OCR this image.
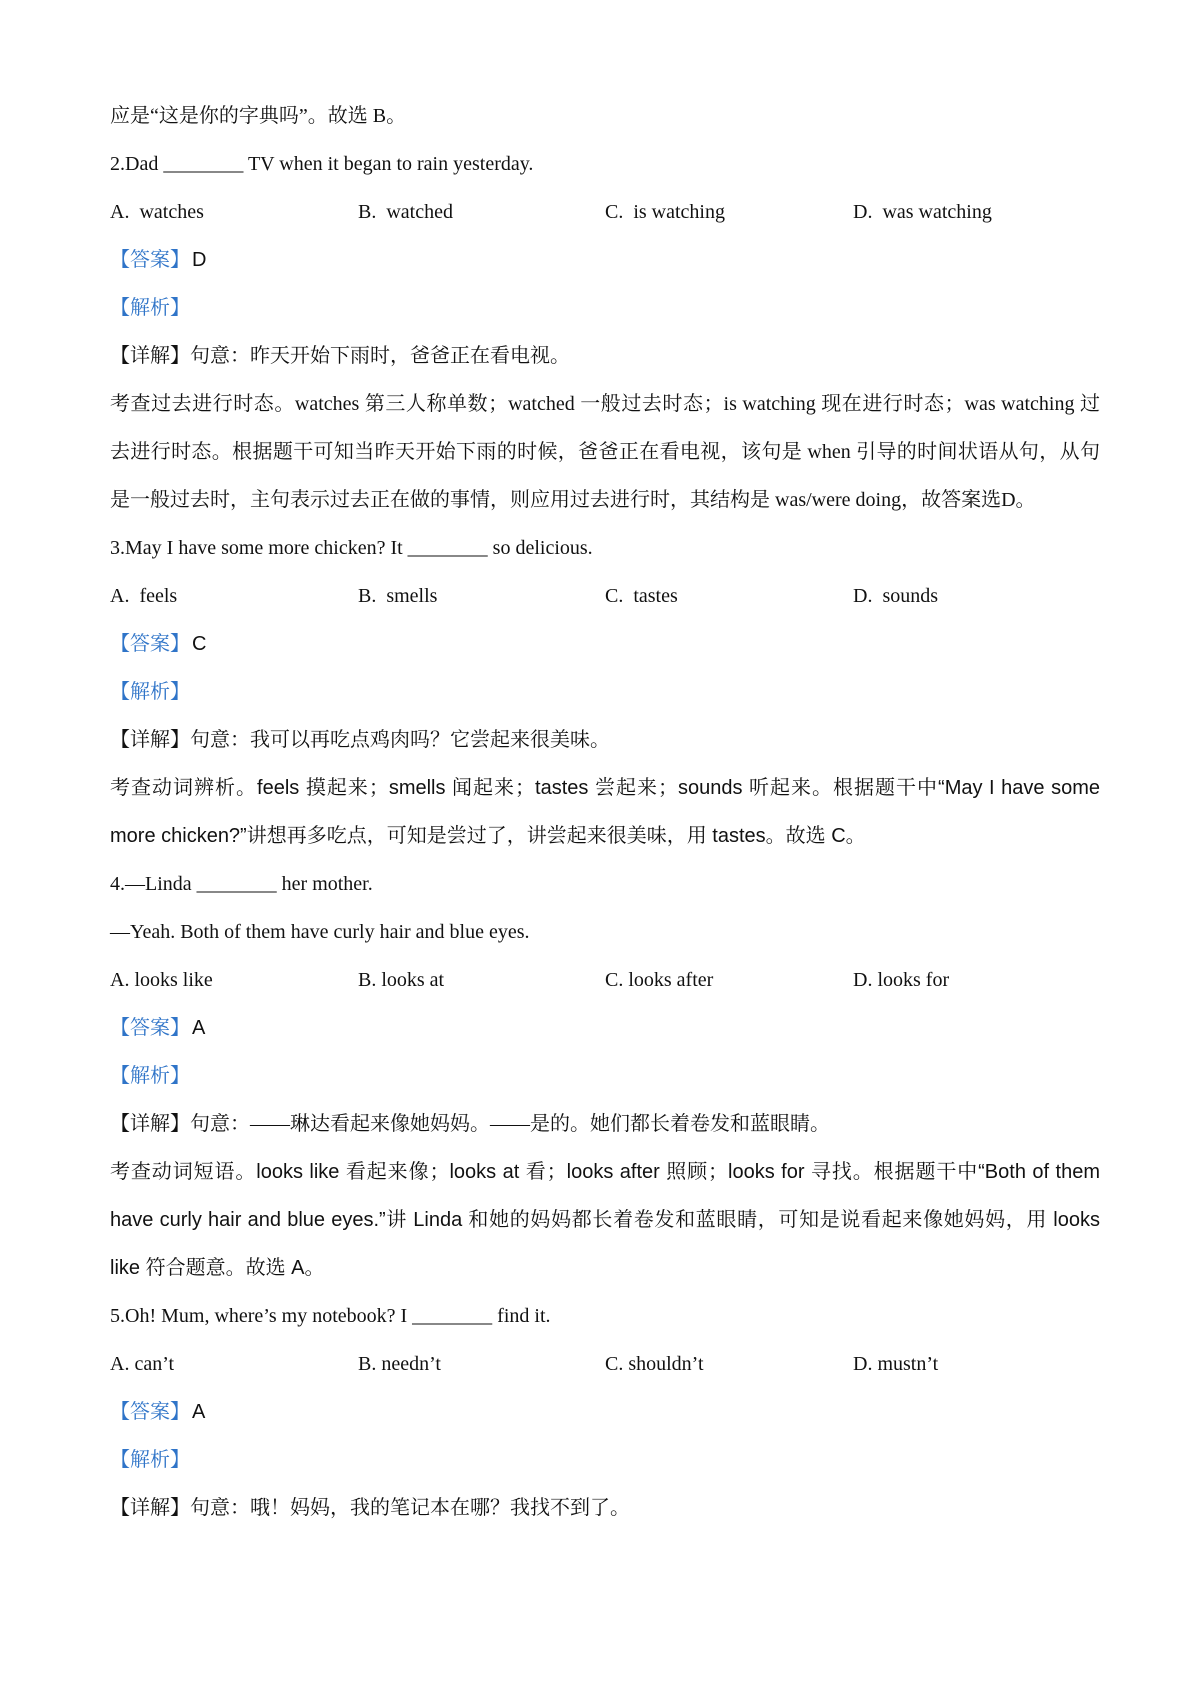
应是“这是你的字典吗”。故选 B。
2.Dad ________ TV when it began to rain yesterday.
A.  watches	B.  watched	C.  is watching	D.  was watching
【答案】 D
【解析】
【详解】句意：昨天开始下雨时，爸爸正在看电视。
考查过去进行时态。watches 第三人称单数；watched 一般过去时态；is watching 现在进行时态；was watching 过去进行时态。根据题干可知当昨天开始下雨的时候，爸爸正在看电视，该句是 when 引导的时间状语从句，从句是一般过去时，主句表示过去正在做的事情，则应用过去进行时，其结构是 was/were doing，故答案选D。
3.May I have some more chicken? It ________ so delicious.
A.  feels	B.  smells	C.  tastes	D.  sounds
【答案】 C
【解析】
【详解】句意：我可以再吃点鸡肉吗？它尝起来很美味。
考查动词辨析。feels 摸起来；smells 闻起来；tastes 尝起来；sounds 听起来。根据题干中“May I have some more chicken?”讲想再多吃点，可知是尝过了，讲尝起来很美味，用 tastes。故选 C。
4.—Linda ________ her mother.
—Yeah. Both of them have curly hair and blue eyes.
A. looks like	B. looks at	C. looks after	D. looks for
【答案】 A
【解析】
【详解】句意：——琳达看起来像她妈妈。——是的。她们都长着卷发和蓝眼睛。
考查动词短语。looks like 看起来像；looks at 看；looks after 照顾；looks for 寻找。根据题干中“Both of them have curly hair and blue eyes.”讲 Linda 和她的妈妈都长着卷发和蓝眼睛，可知是说看起来像她妈妈，用 looks like 符合题意。故选 A。
5.Oh! Mum, where’s my notebook? I ________ find it.
A. can’t	B. needn’t	C. shouldn’t	D. mustn’t
【答案】 A
【解析】
【详解】句意：哦！妈妈，我的笔记本在哪？我找不到了。
